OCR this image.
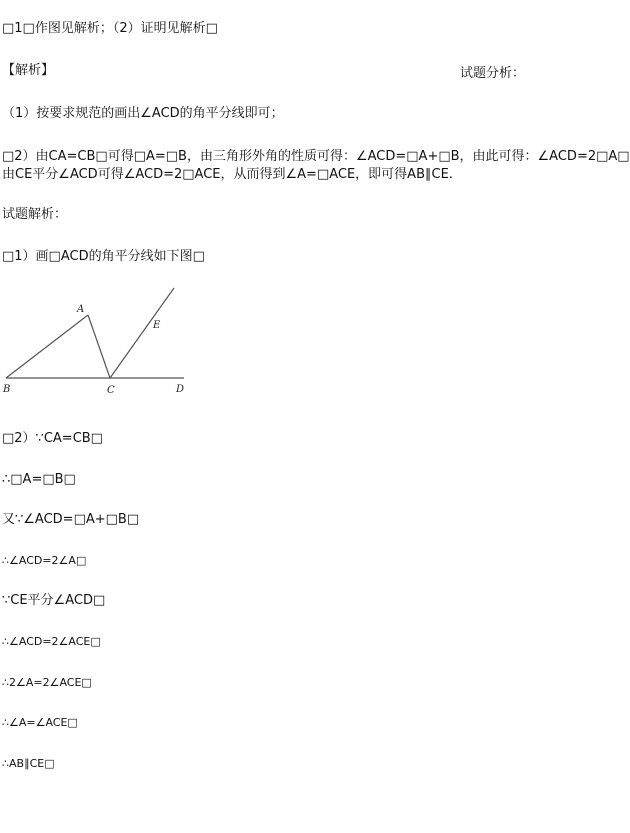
□1□作图见解析；（2）证明见解析□
【解析】	试题分析：
（1）按要求规范的画出∠ACD的角平分线即可；
□2）由CA=CB□可得□A=□B，由三角形外角的性质可得：∠ACD=□A+□B，由此可得：∠ACD=2□A□
由CE平分∠ACD可得∠ACD=2□ACE，从而得到∠A=□ACE，即可得AB∥CE.
试题解析：
□1）画□ACD的角平分线如下图□
A
B	C	D
E
□2）∵CA=CB□
∴□A=□B□
又∵∠ACD=□A+□B□
∴∠ACD=2∠A□
∵CE平分∠ACD□
∴∠ACD=2∠ACE□
∴2∠A=2∠ACE□
∴∠A=∠ACE□
∴AB∥CE□
